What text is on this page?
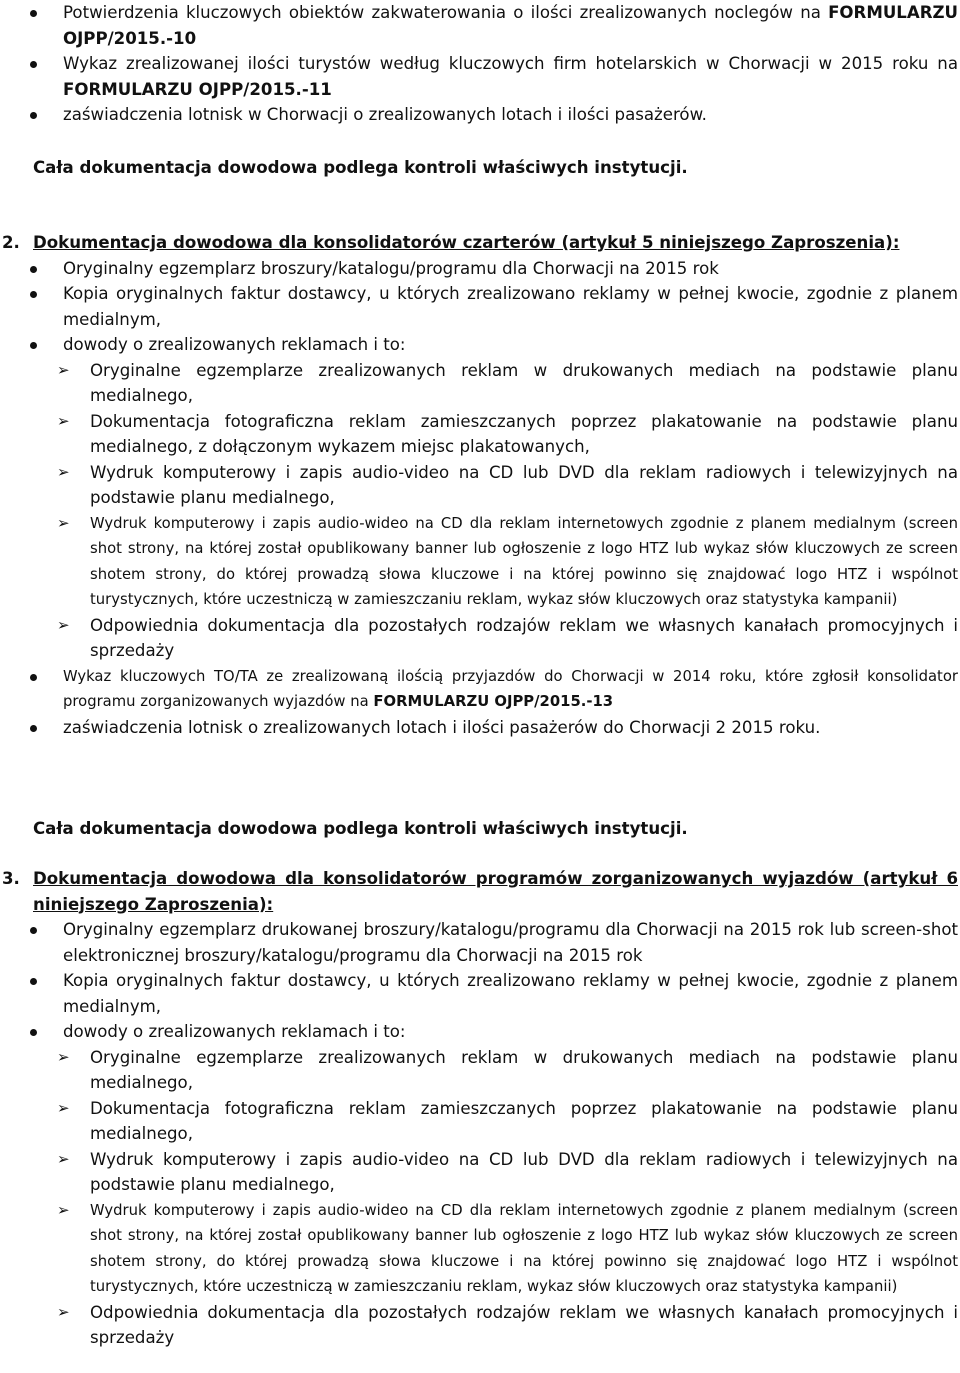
Potwierdzenia kluczowych obiektów zakwaterowania o ilości zrealizowanych noclegów na FORMULARZU OJPP/2015.-10
Wykaz zrealizowanej ilości turystów według kluczowych firm hotelarskich w Chorwacji w 2015 roku na FORMULARZU OJPP/2015.-11
zaświadczenia lotnisk w Chorwacji o zrealizowanych lotach i ilości pasażerów.
Cała dokumentacja dowodowa podlega kontroli właściwych instytucji.
2. Dokumentacja dowodowa dla konsolidatorów czarterów (artykuł 5 niniejszego Zaproszenia):
Oryginalny egzemplarz broszury/katalogu/programu dla Chorwacji na 2015 rok
Kopia oryginalnych faktur dostawcy, u których zrealizowano reklamy w pełnej kwocie, zgodnie z planem medialnym,
dowody o zrealizowanych reklamach i to:
➢ Oryginalne egzemplarze zrealizowanych reklam w drukowanych mediach na podstawie planu medialnego,
➢ Dokumentacja fotograficzna reklam zamieszczanych poprzez plakatowanie na podstawie planu medialnego, z dołączonym wykazem miejsc plakatowanych,
➢ Wydruk komputerowy i zapis audio-video na CD lub DVD dla reklam radiowych i telewizyjnych na podstawie planu medialnego,
➢ Wydruk komputerowy i zapis audio-wideo na CD dla reklam internetowych zgodnie z planem medialnym (screen shot strony, na której został opublikowany banner lub ogłoszenie z logo HTZ lub wykaz słów kluczowych ze screen shotem strony, do której prowadzą słowa kluczowe i na której powinno się znajdować logo HTZ i wspólnot turystycznych, które uczestniczą w zamieszczaniu reklam, wykaz słów kluczowych oraz statystyka kampanii)
➢ Odpowiednia dokumentacja dla pozostałych rodzajów reklam we własnych kanałach promocyjnych i sprzedaży
Wykaz kluczowych TO/TA ze zrealizowaną ilością przyjazdów do Chorwacji w 2014 roku, które zgłosił konsolidator programu zorganizowanych wyjazdów na FORMULARZU OJPP/2015.-13
zaświadczenia lotnisk o zrealizowanych lotach i ilości pasażerów do Chorwacji 2 2015 roku.
Cała dokumentacja dowodowa podlega kontroli właściwych instytucji.
3. Dokumentacja dowodowa dla konsolidatorów programów zorganizowanych wyjazdów (artykuł 6 niniejszego Zaproszenia):
Oryginalny egzemplarz drukowanej broszury/katalogu/programu dla Chorwacji na 2015 rok lub screen-shot elektronicznej broszury/katalogu/programu dla Chorwacji na 2015 rok
Kopia oryginalnych faktur dostawcy, u których zrealizowano reklamy w pełnej kwocie, zgodnie z planem medialnym,
dowody o zrealizowanych reklamach i to:
➢ Oryginalne egzemplarze zrealizowanych reklam w drukowanych mediach na podstawie planu medialnego,
➢ Dokumentacja fotograficzna reklam zamieszczanych poprzez plakatowanie na podstawie planu medialnego,
➢ Wydruk komputerowy i zapis audio-video na CD lub DVD dla reklam radiowych i telewizyjnych na podstawie planu medialnego,
➢ Wydruk komputerowy i zapis audio-wideo na CD dla reklam internetowych zgodnie z planem medialnym (screen shot strony, na której został opublikowany banner lub ogłoszenie z logo HTZ lub wykaz słów kluczowych ze screen shotem strony, do której prowadzą słowa kluczowe i na której powinno się znajdować logo HTZ i wspólnot turystycznych, które uczestniczą w zamieszczaniu reklam, wykaz słów kluczowych oraz statystyka kampanii)
➢ Odpowiednia dokumentacja dla pozostałych rodzajów reklam we własnych kanałach promocyjnych i sprzedaży
